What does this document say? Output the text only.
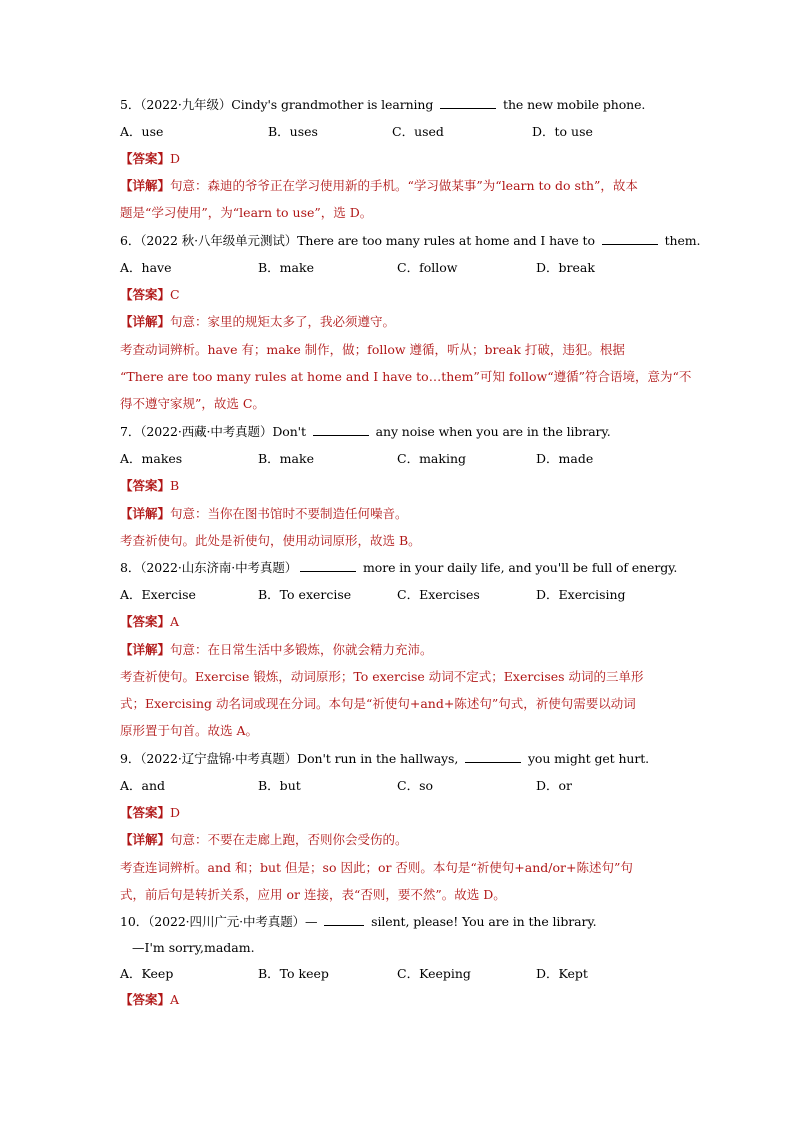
5．（2022·九年级）Cindy's grandmother is learning	the new mobile phone.
A．use	B．uses	C．used	D．to use
【答案】D
【详解】句意：森迪的爷爷正在学习使用新的手机。“学习做某事”为“learn to do sth”，故本
题是“学习使用”，为“learn to use”，选 D。
6．（2022 秋·八年级单元测试）There are too many rules at home and I have to	them.
A．have	B．make	C．follow	D．break
【答案】C
【详解】句意：家里的规矩太多了，我必须遵守。
考查动词辨析。have 有；make 制作，做；follow 遵循，听从；break 打破，违犯。根据
“There are too many rules at home and I have to…them”可知 follow“遵循”符合语境，意为“不
得不遵守家规”，故选 C。
7．（2022·西藏·中考真题）Don't	any noise when you are in the library.
A．makes	B．make	C．making	D．made
【答案】B
【详解】句意：当你在图书馆时不要制造任何噪音。
考查祈使句。此处是祈使句，使用动词原形，故选 B。
8．（2022·山东济南·中考真题）	more in your daily life, and you'll be full of energy.
A．Exercise	B．To exercise	C．Exercises	D．Exercising
【答案】A
【详解】句意：在日常生活中多锻炼，你就会精力充沛。
考查祈使句。Exercise 锻炼，动词原形；To exercise 动词不定式；Exercises 动词的三单形
式；Exercising 动名词或现在分词。本句是“祈使句+and+陈述句”句式，祈使句需要以动词
原形置于句首。故选 A。
9．（2022·辽宁盘锦·中考真题）Don't run in the hallways,	you might get hurt.
A．and	B．but	C．so	D．or
【答案】D
【详解】句意：不要在走廊上跑，否则你会受伤的。
考查连词辨析。and 和；but 但是；so 因此；or 否则。本句是“祈使句+and/or+陈述句”句
式，前后句是转折关系，应用 or 连接，表“否则，要不然”。故选 D。
10．（2022·四川广元·中考真题）—	silent, please! You are in the library.
—I'm sorry,madam.
A．Keep	B．To keep	C．Keeping	D．Kept
【答案】A
